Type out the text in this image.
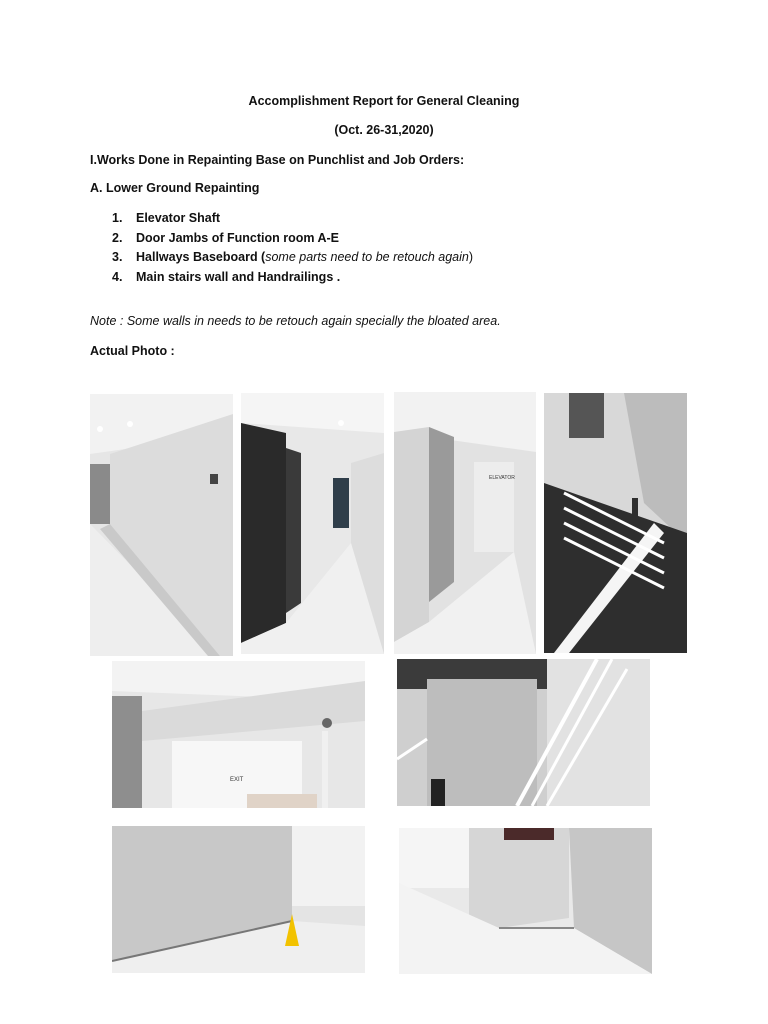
Accomplishment Report for General Cleaning
(Oct. 26-31,2020)
I.Works Done in Repainting Base on Punchlist and Job Orders:
A. Lower Ground Repainting
1. Elevator Shaft
2. Door Jambs of Function room A-E
3. Hallways Baseboard (some parts need to be retouch again)
4. Main stairs wall and Handrailings .
Note : Some walls in needs to be retouch again specially the bloated area.
Actual Photo :
ELEVATOR
EXIT
